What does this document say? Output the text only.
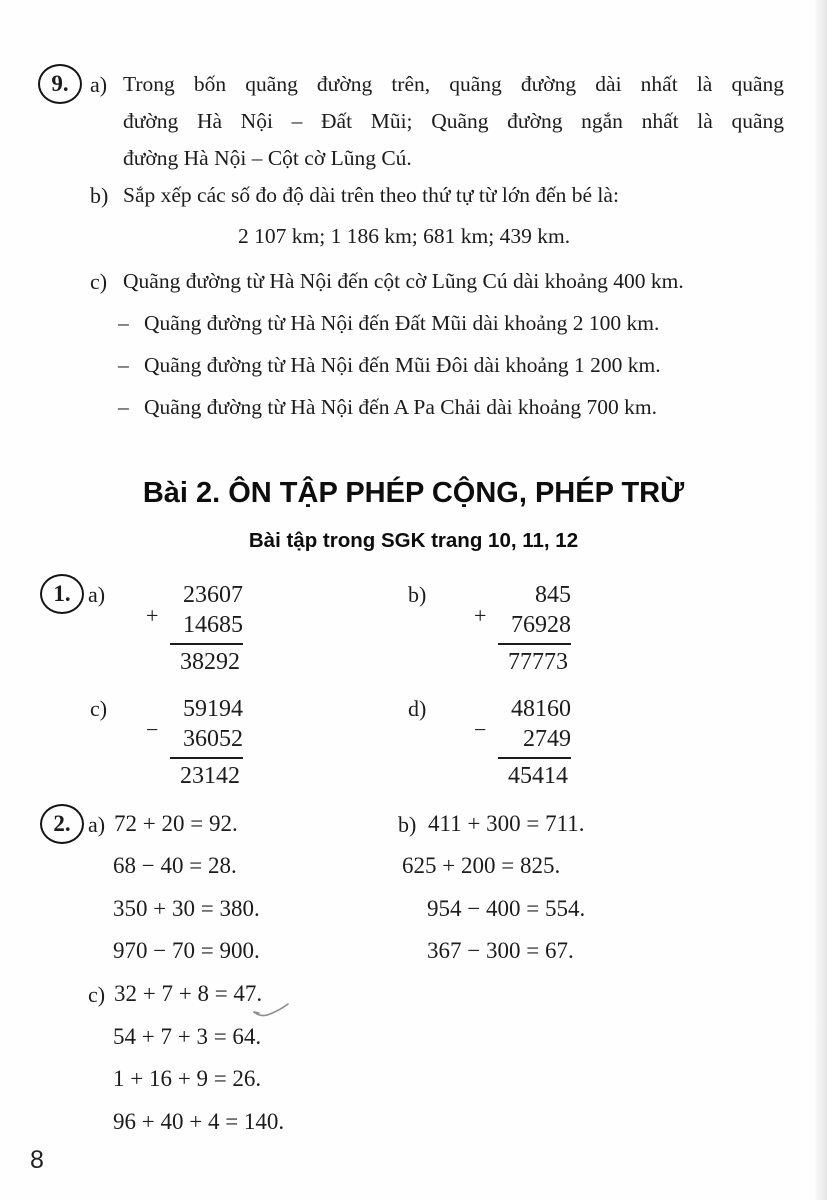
9. a) Trong bốn quãng đường trên, quãng đường dài nhất là quãng
đường Hà Nội – Đất Mũi; Quãng đường ngắn nhất là quãng
đường Hà Nội – Cột cờ Lũng Cú.
b) Sắp xếp các số đo độ dài trên theo thứ tự từ lớn đến bé là:
2 107 km; 1 186 km; 681 km; 439 km.
c) Quãng đường từ Hà Nội đến cột cờ Lũng Cú dài khoảng 400 km.
– Quãng đường từ Hà Nội đến Đất Mũi dài khoảng 2 100 km.
– Quãng đường từ Hà Nội đến Mũi Đôi dài khoảng 1 200 km.
– Quãng đường từ Hà Nội đến A Pa Chải dài khoảng 700 km.
Bài 2. ÔN TẬP PHÉP CỘNG, PHÉP TRỪ
Bài tập trong SGK trang 10, 11, 12
1. a)
+
23607
14685
38292
b)
+
845
76928
77773
c)
−
59194
36052
23142
d)
−
48160
2749
45414
2. a) 72 + 20 = 92.
68 − 40 = 28.
350 + 30 = 380.
970 − 70 = 900.
b) 411 + 300 = 711.
625 + 200 = 825.
954 − 400 = 554.
367 − 300 = 67.
c) 32 + 7 + 8 = 47.
54 + 7 + 3 = 64.
1 + 16 + 9 = 26.
96 + 40 + 4 = 140.
8
